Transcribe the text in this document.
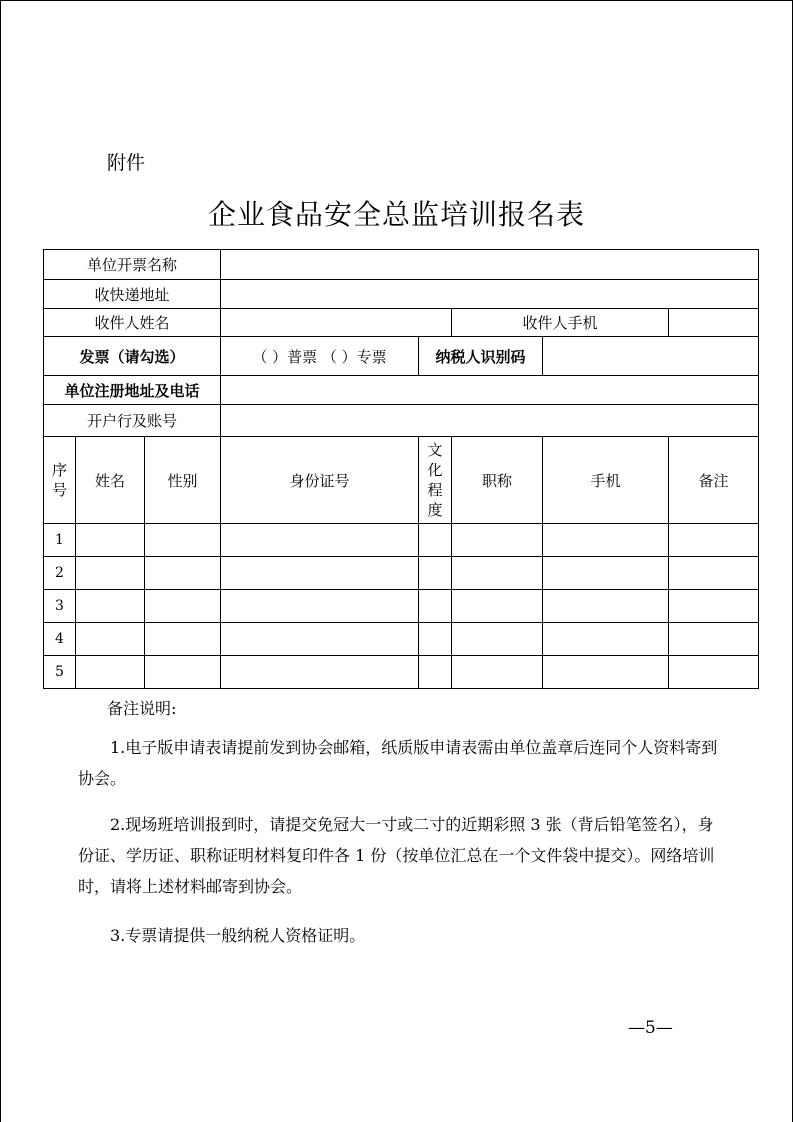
附件
企业食品安全总监培训报名表
单位开票名称							
收快递地址							
收件人姓名					收件人手机		
发票（请勾选）			（ ）普票 （ ）专票	纳税人识别码			
单位注册地址及电话							
开户行及账号							

序号	姓名	性别	身份证号	文化程度	职称	手机	备注
1							
2							
3							
4							
5							
备注说明:
1.电子版申请表请提前发到协会邮箱，纸质版申请表需由单位盖章后连同个人资料寄到协会。
2.现场班培训报到时，请提交免冠大一寸或二寸的近期彩照 3 张（背后铅笔签名），身份证、学历证、职称证明材料复印件各 1 份（按单位汇总在一个文件袋中提交）。网络培训时，请将上述材料邮寄到协会。
3.专票请提供一般纳税人资格证明。
—5—
